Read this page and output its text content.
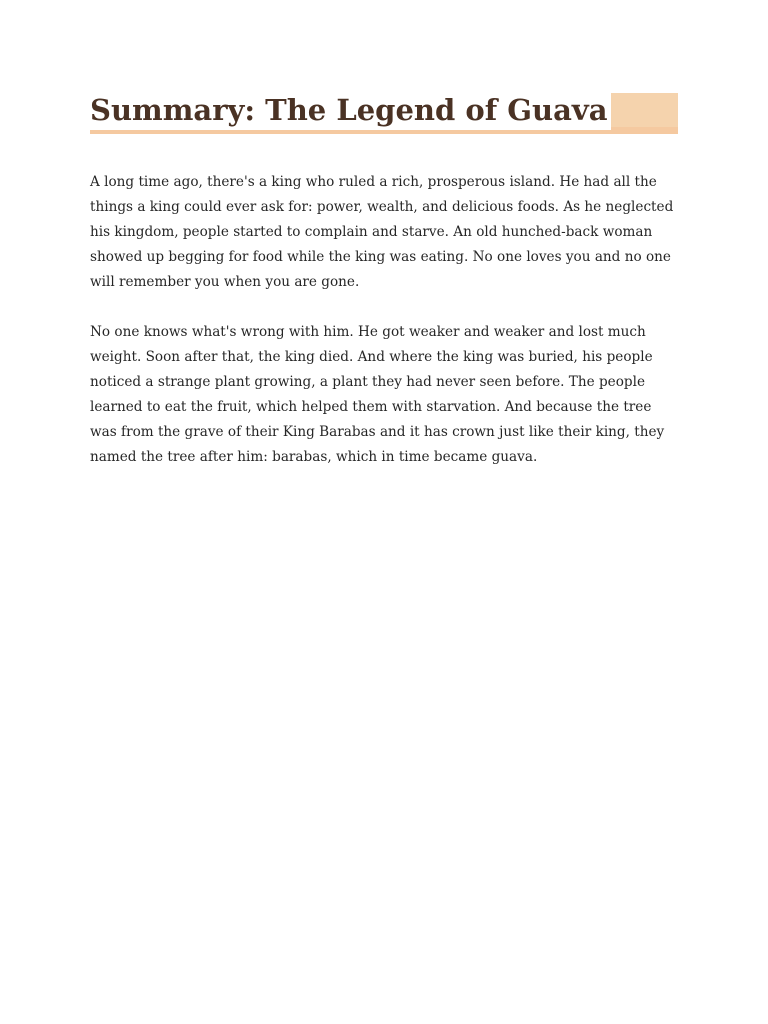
Summary: The Legend of Guava

A long time ago, there's a king who ruled a rich, prosperous island. He had all the things a king could ever ask for: power, wealth, and delicious foods. As he neglected his kingdom, people started to complain and starve. An old hunched-back woman showed up begging for food while the king was eating. No one loves you and no one will remember you when you are gone.

No one knows what's wrong with him. He got weaker and weaker and lost much weight. Soon after that, the king died. And where the king was buried, his people noticed a strange plant growing, a plant they had never seen before. The people learned to eat the fruit, which helped them with starvation. And because the tree was from the grave of their King Barabas and it has crown just like their king, they named the tree after him: barabas, which in time became guava.
